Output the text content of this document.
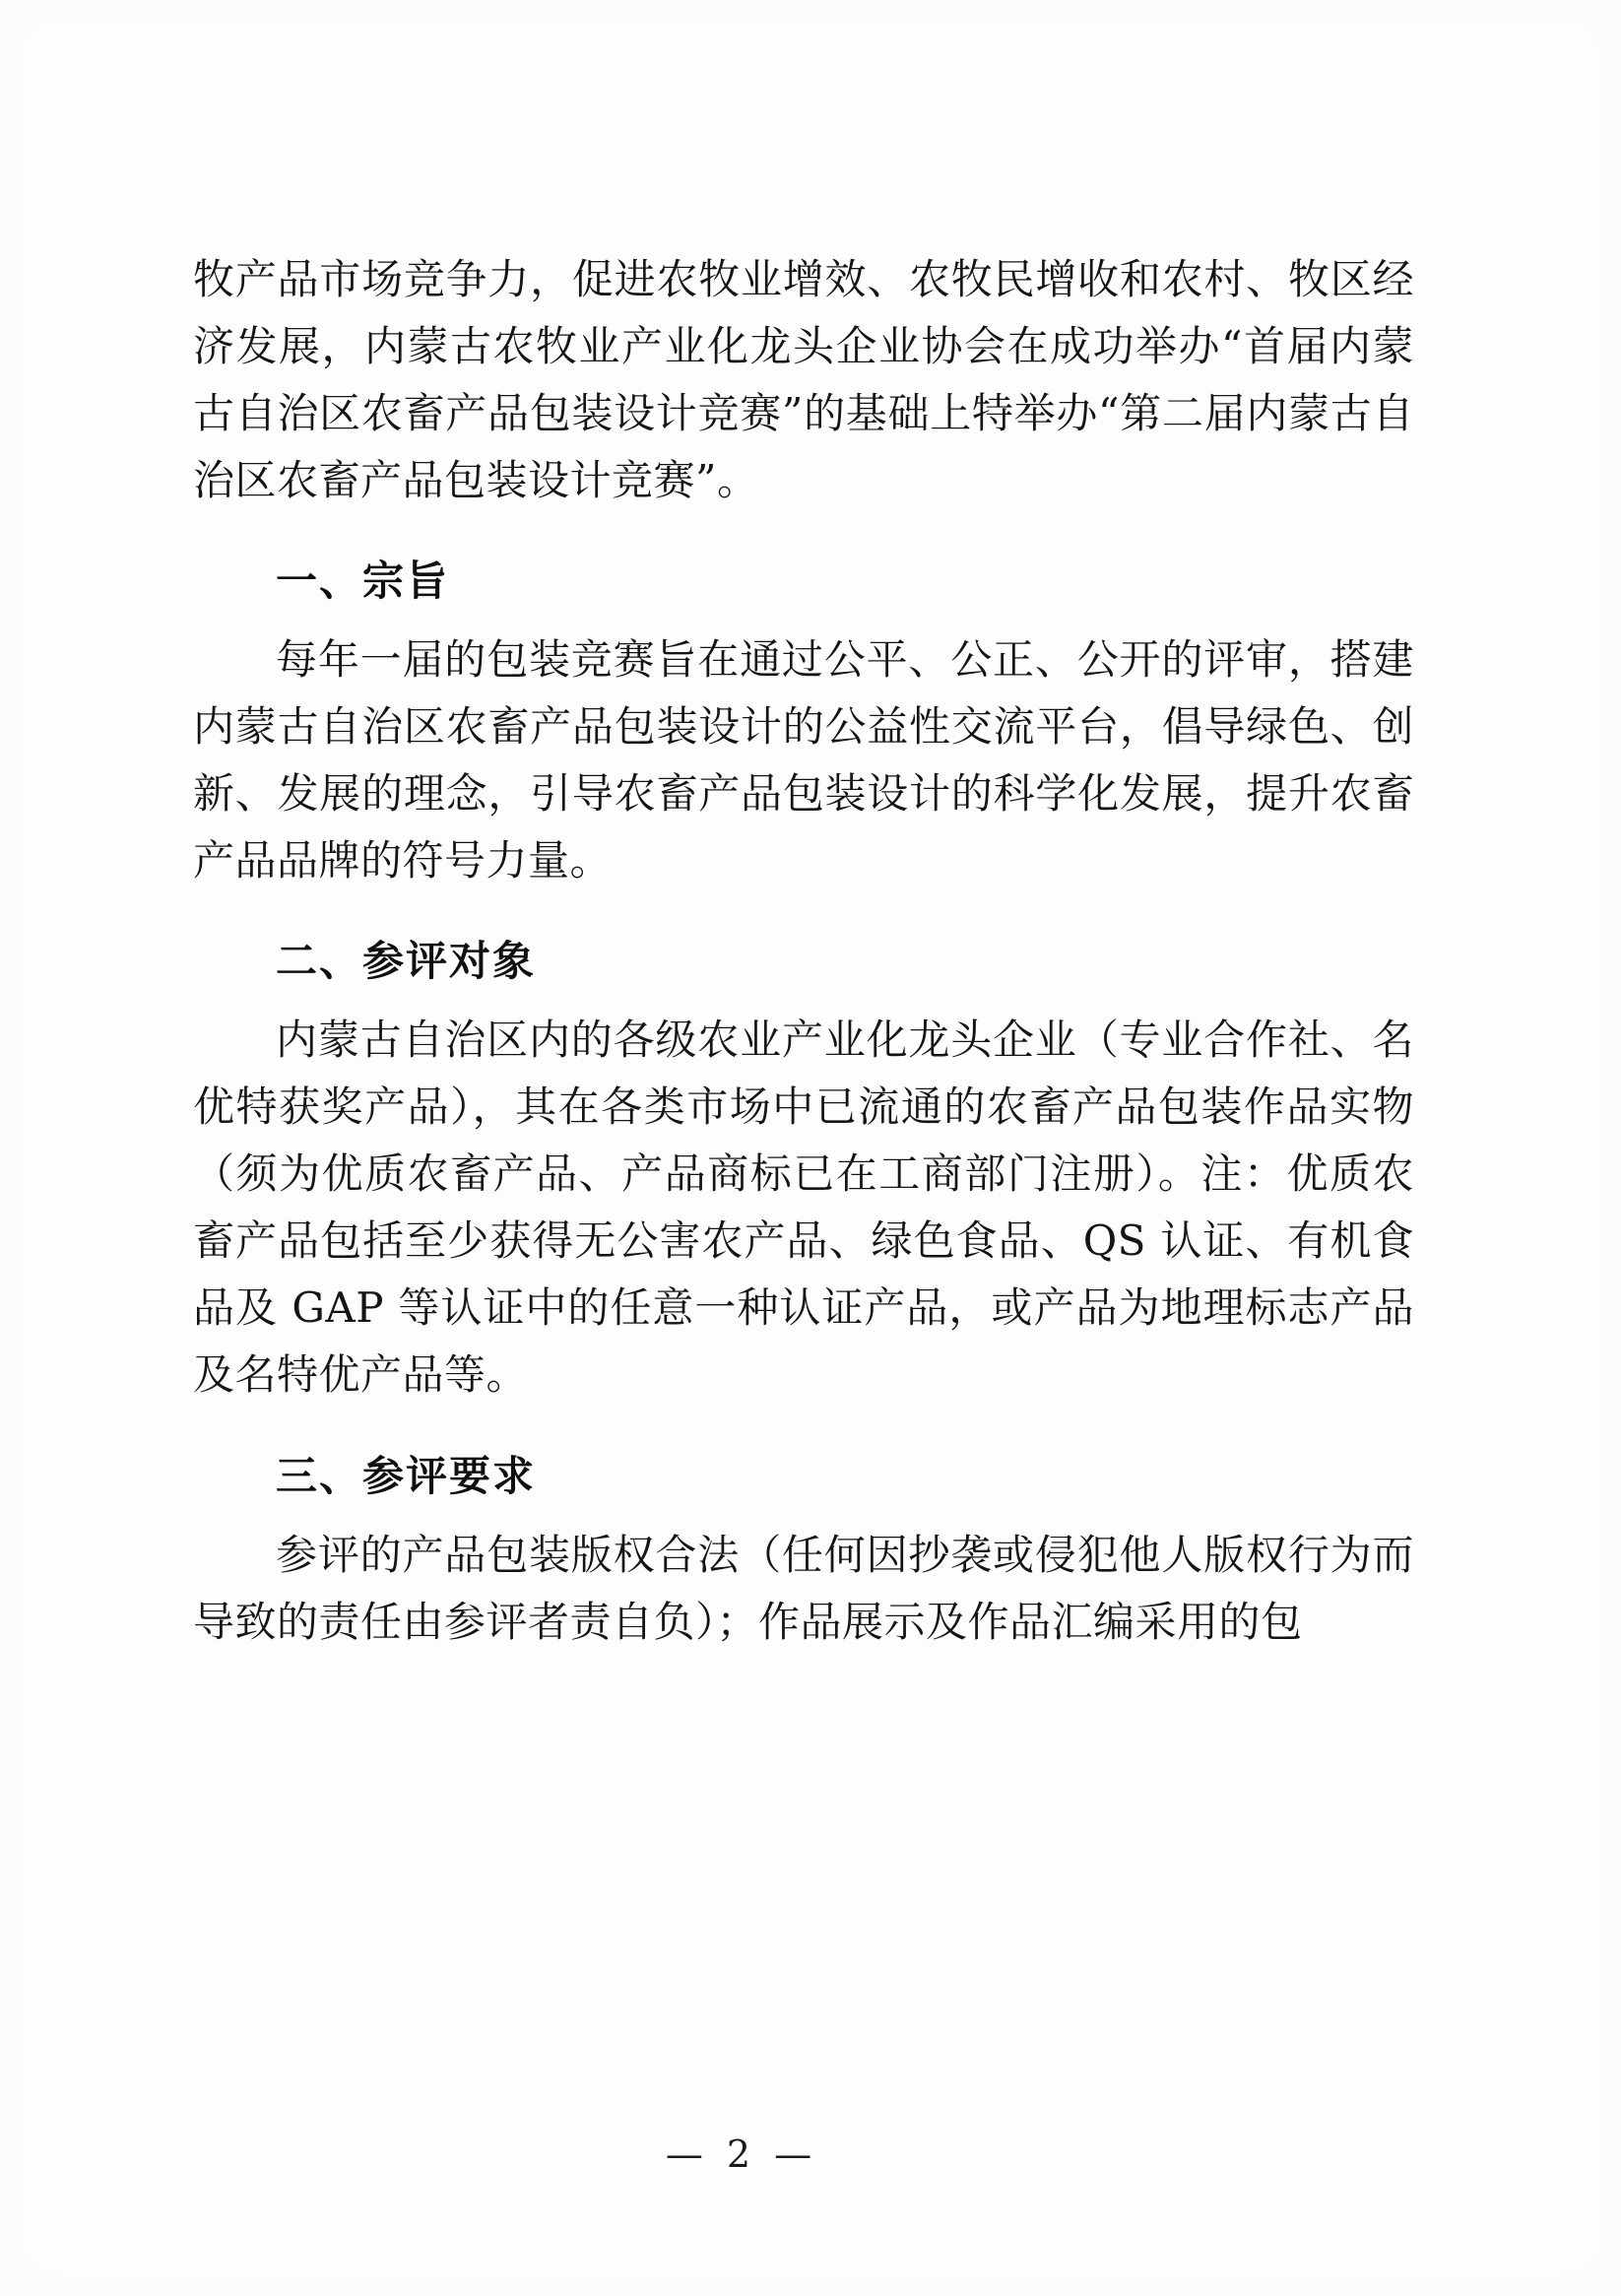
牧产品市场竞争力，促进农牧业增效、农牧民增收和农村、牧区经济发展，内蒙古农牧业产业化龙头企业协会在成功举办“首届内蒙古自治区农畜产品包装设计竞赛”的基础上特举办“第二届内蒙古自治区农畜产品包装设计竞赛”。

一、宗旨

每年一届的包装竞赛旨在通过公平、公正、公开的评审，搭建内蒙古自治区农畜产品包装设计的公益性交流平台，倡导绿色、创新、发展的理念，引导农畜产品包装设计的科学化发展，提升农畜产品品牌的符号力量。

二、参评对象

内蒙古自治区内的各级农业产业化龙头企业（专业合作社、名优特获奖产品），其在各类市场中已流通的农畜产品包装作品实物（须为优质农畜产品、产品商标已在工商部门注册）。注：优质农畜产品包括至少获得无公害农产品、绿色食品、QS 认证、有机食品及 GAP 等认证中的任意一种认证产品，或产品为地理标志产品及名特优产品等。

三、参评要求

参评的产品包装版权合法（任何因抄袭或侵犯他人版权行为而导致的责任由参评者责自负）；作品展示及作品汇编采用的包

— 2 —
